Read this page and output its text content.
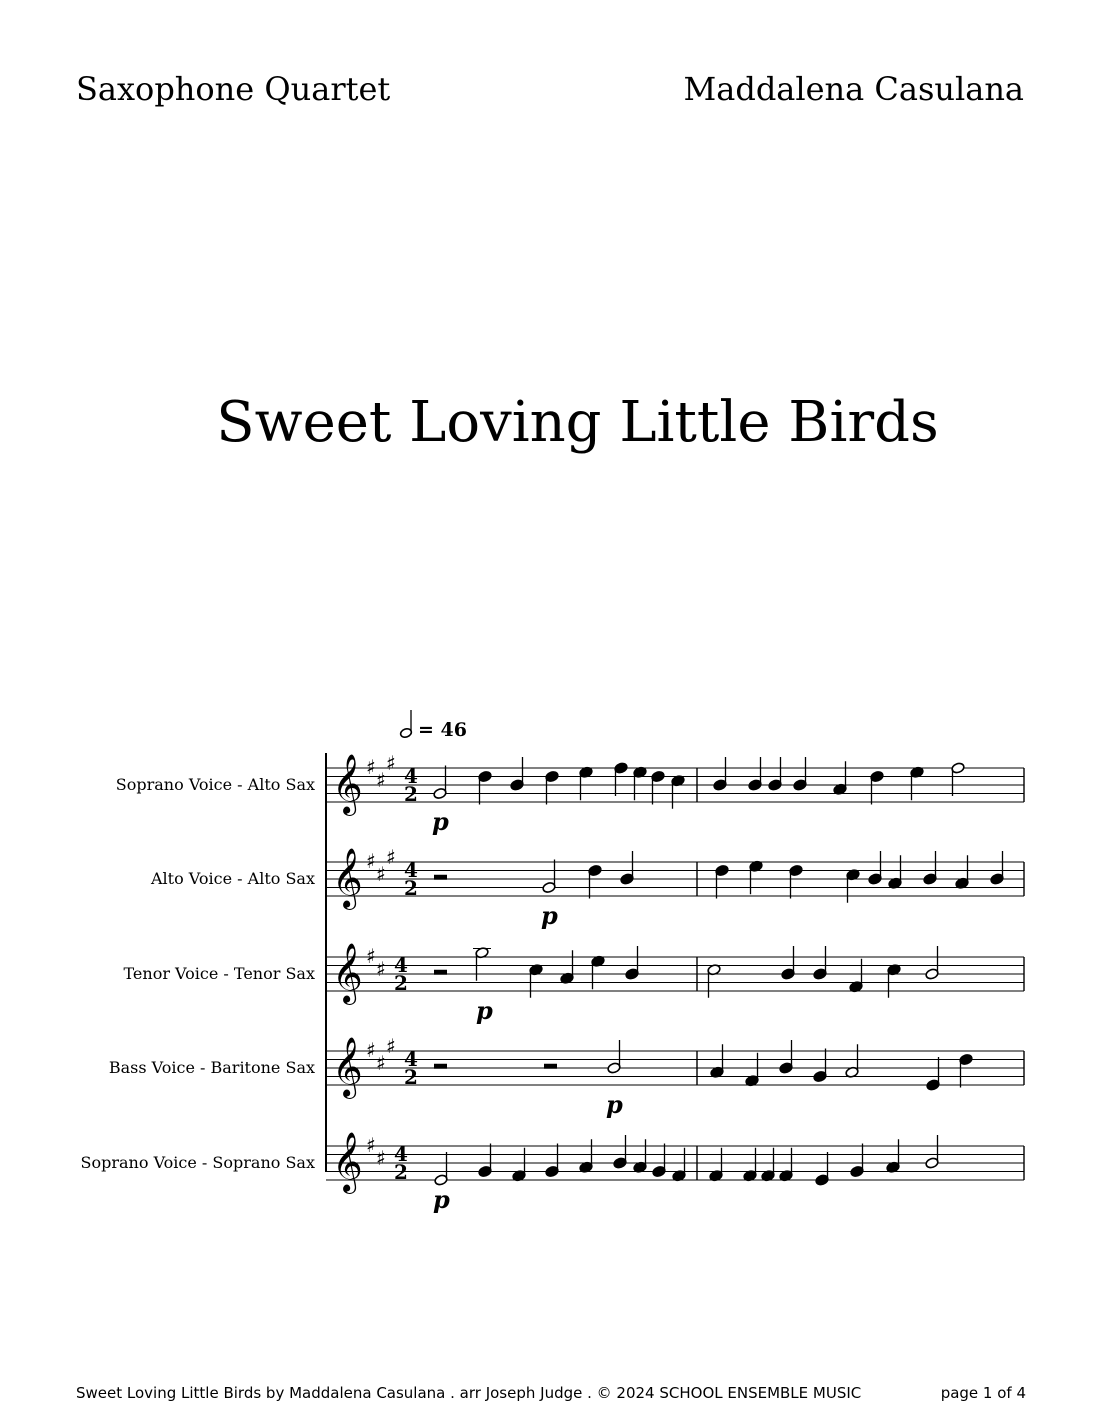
Saxophone Quartet	Maddalena Casulana
Sweet Loving Little Birds
= 46
Soprano Voice - Alto Sax 𝄞 ♯
♯
♯
4
2
p
Alto Voice - Alto Sax 𝄞 ♯
♯
♯
4
2
p
Tenor Voice - Tenor Sax 𝄞 ♯
♯ 4
2
p
Bass Voice - Baritone Sax 𝄞 ♯
♯
♯
4
2
p
Soprano Voice - Soprano Sax 𝄞 ♯
♯ 4
2
p
Sweet Loving Little Birds by Maddalena Casulana . arr Joseph Judge . © 2024 SCHOOL ENSEMBLE MUSIC	page 1 of 4
